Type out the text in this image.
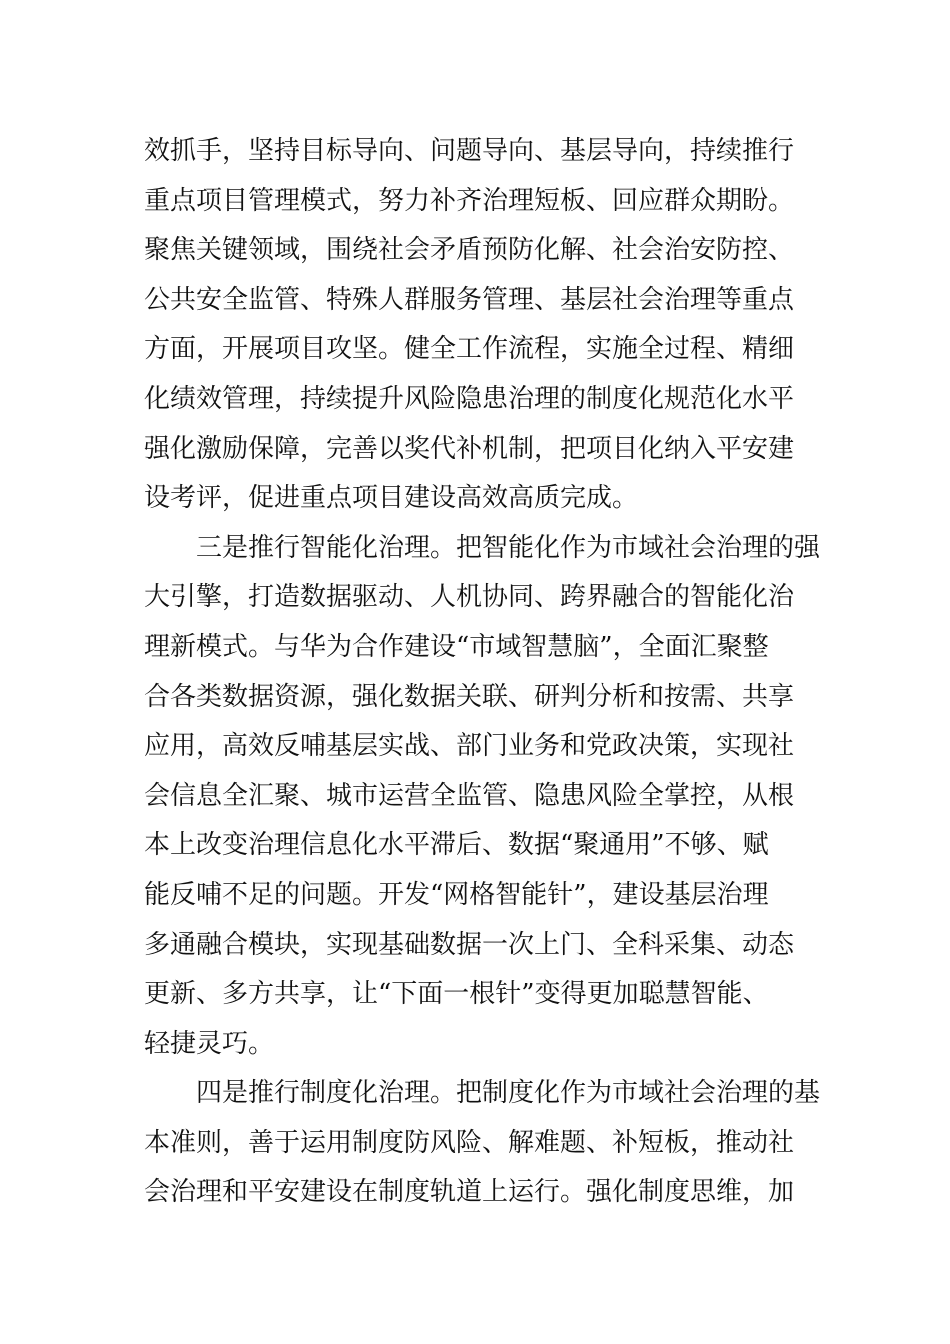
效抓手，坚持目标导向、问题导向、基层导向，持续推行
重点项目管理模式，努力补齐治理短板、回应群众期盼。
聚焦关键领域，围绕社会矛盾预防化解、社会治安防控、
公共安全监管、特殊人群服务管理、基层社会治理等重点
方面，开展项目攻坚。健全工作流程，实施全过程、精细
化绩效管理，持续提升风险隐患治理的制度化规范化水平
强化激励保障，完善以奖代补机制，把项目化纳入平安建
设考评，促进重点项目建设高效高质完成。
三是推行智能化治理。把智能化作为市域社会治理的强
大引擎，打造数据驱动、人机协同、跨界融合的智能化治
理新模式。与华为合作建设“市域智慧脑”，全面汇聚整
合各类数据资源，强化数据关联、研判分析和按需、共享
应用，高效反哺基层实战、部门业务和党政决策，实现社
会信息全汇聚、城市运营全监管、隐患风险全掌控，从根
本上改变治理信息化水平滞后、数据“聚通用”不够、赋
能反哺不足的问题。开发“网格智能针”，建设基层治理
多通融合模块，实现基础数据一次上门、全科采集、动态
更新、多方共享，让“下面一根针”变得更加聪慧智能、
轻捷灵巧。
四是推行制度化治理。把制度化作为市域社会治理的基
本准则，善于运用制度防风险、解难题、补短板，推动社
会治理和平安建设在制度轨道上运行。强化制度思维，加
